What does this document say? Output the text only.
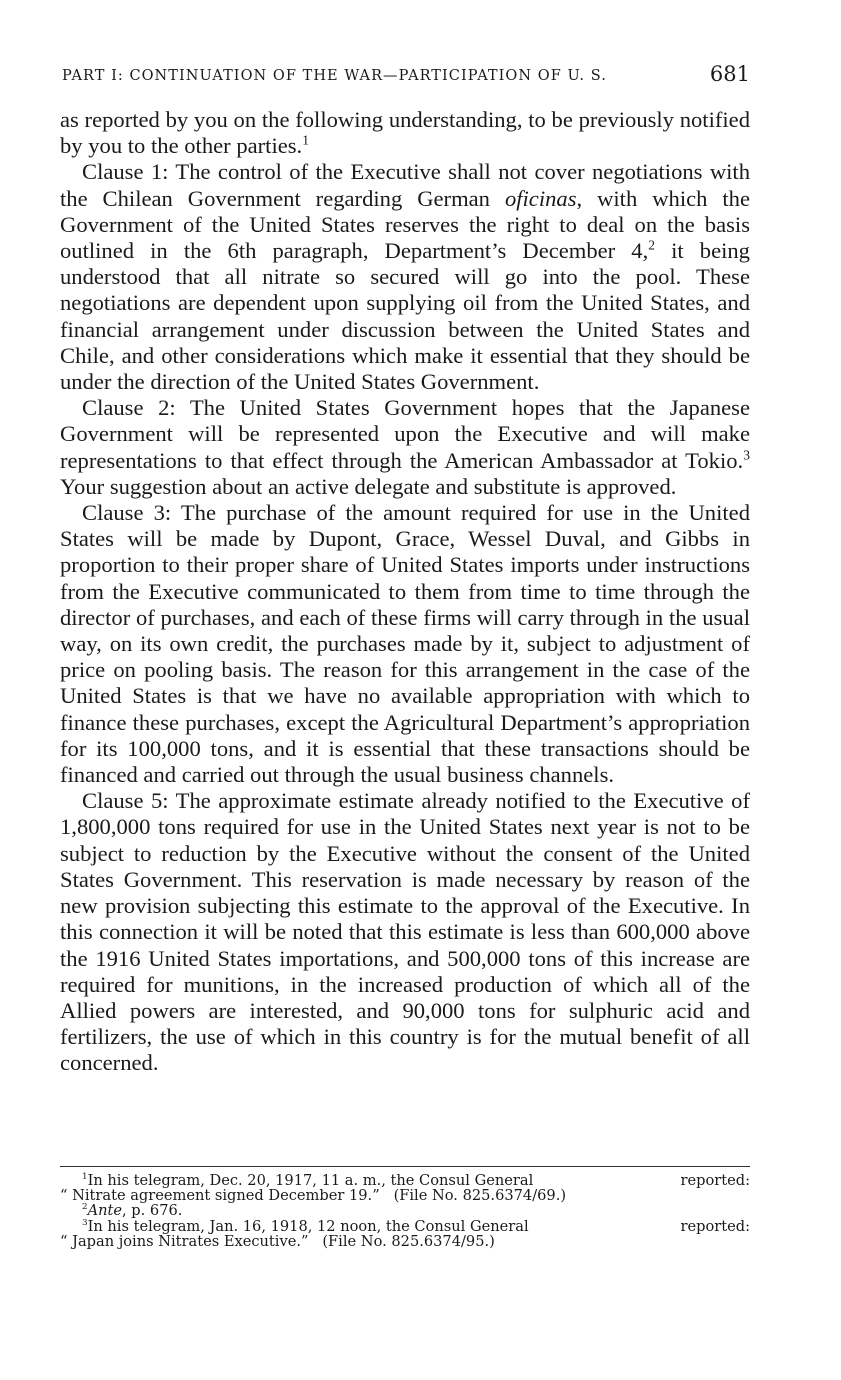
PART I: CONTINUATION OF THE WAR—PARTICIPATION OF U. S.	681

as reported by you on the following understanding, to be previously notified by you to the other parties.$^1$

Clause 1: The control of the Executive shall not cover negotiations with the Chilean Government regarding German oficinas, with which the Government of the United States reserves the right to deal on the basis outlined in the 6th paragraph, Department’s December 4,$^2$ it being understood that all nitrate so secured will go into the pool. These negotiations are dependent upon supplying oil from the United States, and financial arrangement under discussion between the United States and Chile, and other considerations which make it essential that they should be under the direction of the United States Government.

Clause 2: The United States Government hopes that the Japanese Government will be represented upon the Executive and will make representations to that effect through the American Ambassador at Tokio.$^3$ Your suggestion about an active delegate and substitute is approved.

Clause 3: The purchase of the amount required for use in the United States will be made by Dupont, Grace, Wessel Duval, and Gibbs in proportion to their proper share of United States imports under instructions from the Executive communicated to them from time to time through the director of purchases, and each of these firms will carry through in the usual way, on its own credit, the purchases made by it, subject to adjustment of price on pooling basis. The reason for this arrangement in the case of the United States is that we have no available appropriation with which to finance these purchases, except the Agricultural Department’s appropriation for its 100,000 tons, and it is essential that these transactions should be financed and carried out through the usual business channels.

Clause 5: The approximate estimate already notified to the Executive of 1,800,000 tons required for use in the United States next year is not to be subject to reduction by the Executive without the consent of the United States Government. This reservation is made necessary by reason of the new provision subjecting this estimate to the approval of the Executive. In this connection it will be noted that this estimate is less than 600,000 above the 1916 United States importations, and 500,000 tons of this increase are required for munitions, in the increased production of which all of the Allied powers are interested, and 90,000 tons for sulphuric acid and fertilizers, the use of which in this country is for the mutual benefit of all concerned.

$^1$In his telegram, Dec. 20, 1917, 11 a. m., the Consul General	reported:
“ Nitrate agreement signed December 19.”   (File No. 825.6374/69.)
$^2$Ante, p. 676.
$^3$In his telegram, Jan. 16, 1918, 12 noon, the Consul General	reported:
“ Japan joins Nitrates Executive.”   (File No. 825.6374/95.)
